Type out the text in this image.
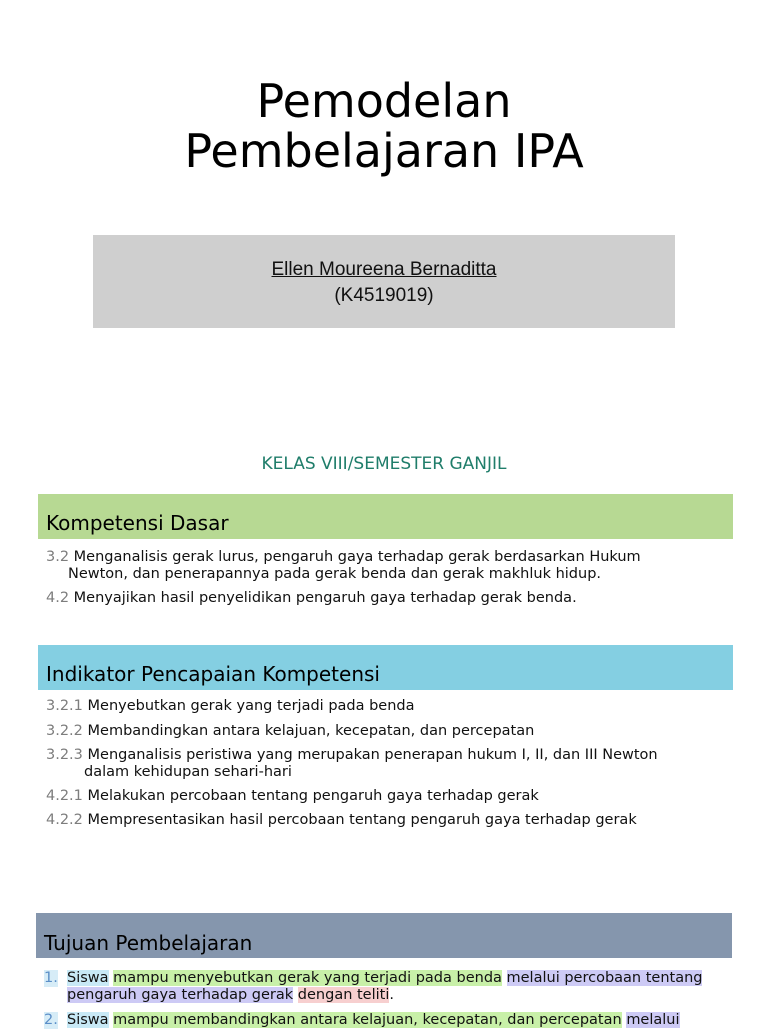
Pemodelan
Pembelajaran IPA
Ellen Moureena Bernaditta
(K4519019)
KELAS VIII/SEMESTER GANJIL
Kompetensi Dasar
3.2 Menganalisis gerak lurus, pengaruh gaya terhadap gerak berdasarkan Hukum
Newton, dan penerapannya pada gerak benda dan gerak makhluk hidup.
4.2 Menyajikan hasil penyelidikan pengaruh gaya terhadap gerak benda.
Indikator Pencapaian Kompetensi
3.2.1 Menyebutkan gerak yang terjadi pada benda
3.2.2 Membandingkan antara kelajuan, kecepatan, dan percepatan
3.2.3 Menganalisis peristiwa yang merupakan penerapan hukum I, II, dan III Newton
dalam kehidupan sehari-hari
4.2.1 Melakukan percobaan tentang pengaruh gaya terhadap gerak
4.2.2 Mempresentasikan hasil percobaan tentang pengaruh gaya terhadap gerak
Tujuan Pembelajaran
1. Siswa mampu menyebutkan gerak yang terjadi pada benda melalui percobaan tentang pengaruh gaya terhadap gerak dengan teliti.
2. Siswa mampu membandingkan antara kelajuan, kecepatan, dan percepatan melalui
